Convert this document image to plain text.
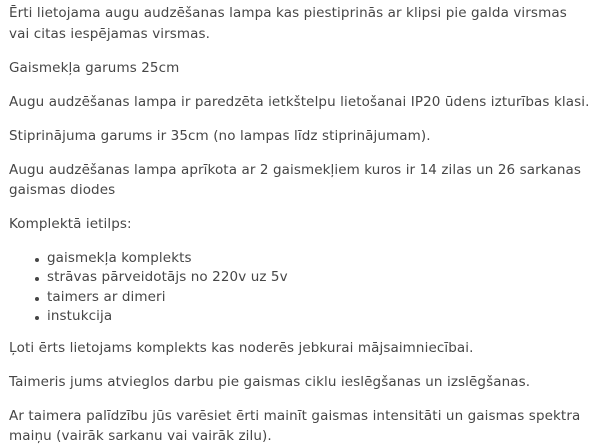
Ērti lietojama augu audzēšanas lampa kas piestiprinās ar klipsi pie galda virsmas vai citas iespējamas virsmas.

Gaismekļa garums 25cm

Augu audzēšanas lampa ir paredzēta ietkštelpu lietošanai IP20 ūdens izturības klasi.

Stiprinājuma garums ir 35cm (no lampas līdz stiprinājumam).

Augu audzēšanas lampa aprīkota ar 2 gaismekļiem kuros ir 14 zilas un 26 sarkanas gaismas diodes

Komplektā ietilps:

gaismekļa komplekts
strāvas pārveidotājs no 220v uz 5v
taimers ar dimeri
instukcija

Ļoti ērts lietojams komplekts kas noderēs jebkurai mājsaimniecībai.

Taimeris jums atvieglos darbu pie gaismas ciklu ieslēgšanas un izslēgšanas.

Ar taimera palīdzību jūs varēsiet ērti mainīt gaismas intensitāti un gaismas spektra maiņu (vairāk sarkanu vai vairāk zilu).
